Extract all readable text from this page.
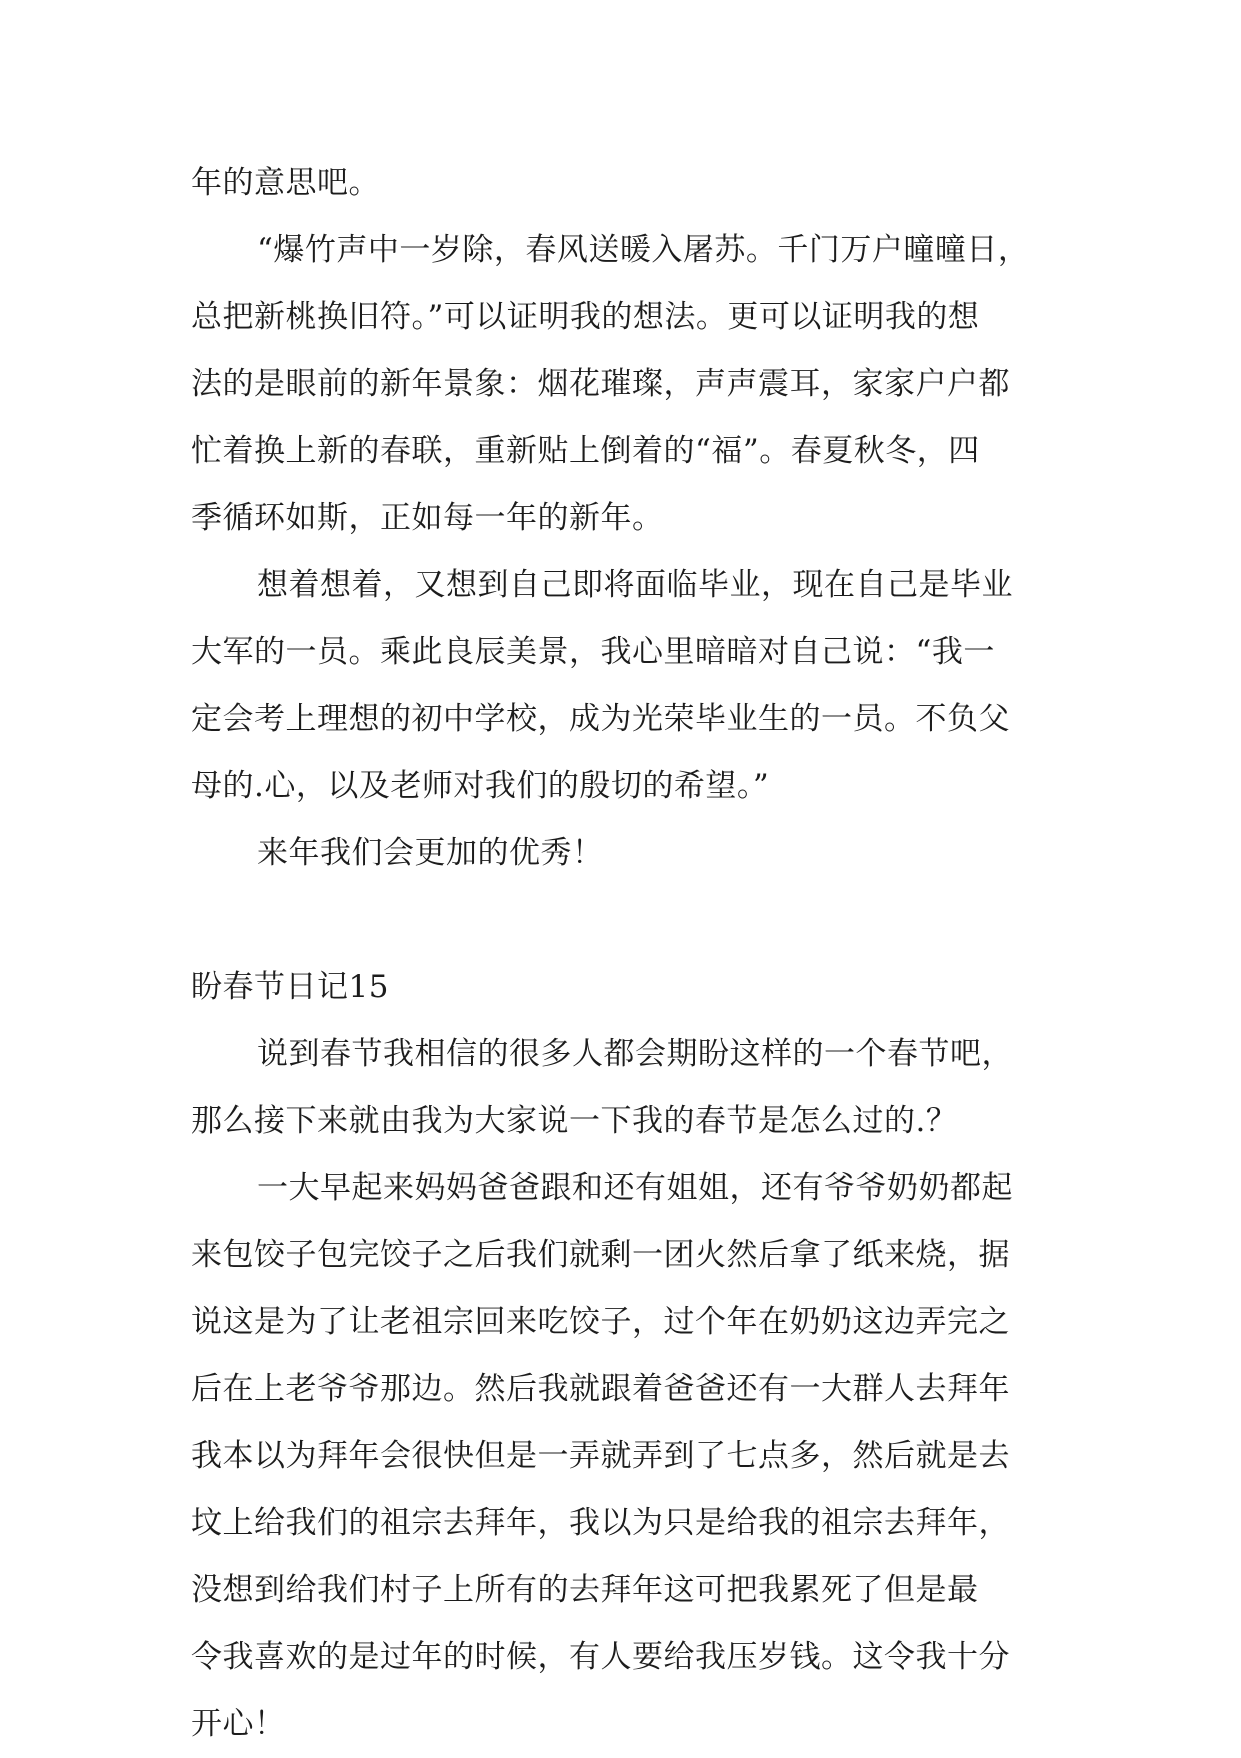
年的意思吧。
“爆竹声中一岁除，春风送暖入屠苏。千门万户曈曈日，
总把新桃换旧符。”可以证明我的想法。更可以证明我的想
法的是眼前的新年景象：烟花璀璨，声声震耳，家家户户都
忙着换上新的春联，重新贴上倒着的“福”。春夏秋冬，四
季循环如斯，正如每一年的新年。
想着想着，又想到自己即将面临毕业，现在自己是毕业
大军的一员。乘此良辰美景，我心里暗暗对自己说：“我一
定会考上理想的初中学校，成为光荣毕业生的一员。不负父
母的.心，以及老师对我们的殷切的希望。”
来年我们会更加的优秀！
盼春节日记15
说到春节我相信的很多人都会期盼这样的一个春节吧，
那么接下来就由我为大家说一下我的春节是怎么过的.？
一大早起来妈妈爸爸跟和还有姐姐，还有爷爷奶奶都起
来包饺子包完饺子之后我们就剩一团火然后拿了纸来烧，据
说这是为了让老祖宗回来吃饺子，过个年在奶奶这边弄完之
后在上老爷爷那边。然后我就跟着爸爸还有一大群人去拜年
我本以为拜年会很快但是一弄就弄到了七点多，然后就是去
坟上给我们的祖宗去拜年，我以为只是给我的祖宗去拜年，
没想到给我们村子上所有的去拜年这可把我累死了但是最
令我喜欢的是过年的时候，有人要给我压岁钱。这令我十分
开心！
